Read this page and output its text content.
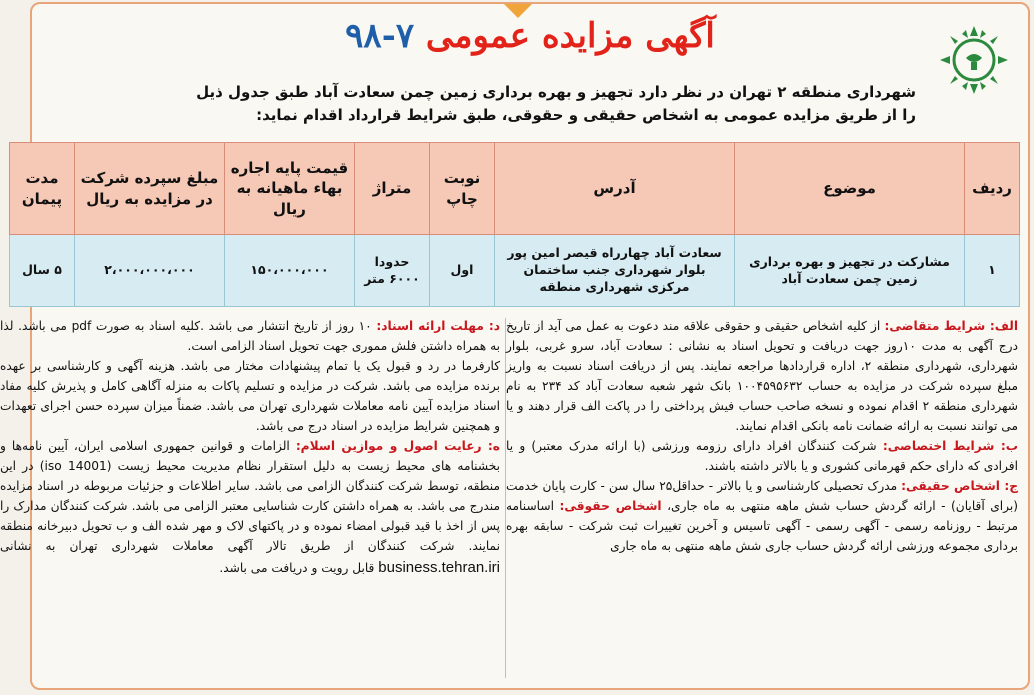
آگهی مزایده عمومی ۷-۹۸
شهرداری منطقه ۲ تهران در نظر دارد تجهیز و بهره برداری زمین چمن سعادت آباد طبق جدول ذیل
را از طریق مزایده عمومی به اشخاص حقیقی و حقوقی، طبق شرایط قرارداد اقدام نماید:
ردیف	موضوع	آدرس	نوبت چاپ	متراژ	قیمت پایه اجاره بهاء ماهیانه به ریال	مبلغ سپرده شرکت در مزایده به ریال	مدت پیمان
۱	مشارکت در تجهیز و بهره برداری زمین چمن سعادت آباد	سعادت آباد چهارراه قیصر امین پور بلوار شهرداری جنب ساختمان مرکزی شهرداری منطقه	اول	حدودا ۶۰۰۰ متر	۱۵۰،۰۰۰،۰۰۰	۲،۰۰۰،۰۰۰،۰۰۰	۵ سال

الف: شرایط متقاضی: از کلیه اشخاص حقیقی و حقوقی علاقه مند دعوت به عمل می آید از تاریخ درج آگهی به مدت ۱۰روز جهت دریافت و تحویل اسناد به نشانی : سعادت آباد، سرو غربی، بلوار شهرداری، شهرداری منطقه ۲، اداره قراردادها مراجعه نمایند. پس از دریافت اسناد نسبت به واریز مبلغ سپرده شرکت در مزایده به حساب ۱۰۰۴۵۹۵۶۳۲ بانک شهر شعبه سعادت آباد کد ۲۳۴ به نام شهرداری منطقه ۲ اقدام نموده و نسخه صاحب حساب فیش پرداختی را در پاکت الف قرار دهند و یا می توانند نسبت به ارائه ضمانت نامه بانکی اقدام نمایند.

ب: شرایط اختصاصی: شرکت کنندگان افراد دارای رزومه ورزشی (با ارائه مدرک معتبر) و یا افرادی که دارای حکم قهرمانی کشوری و یا بالاتر داشته باشند.

ج: اشخاص حقیقی: مدرک تحصیلی کارشناسی و یا بالاتر - حداقل۲۵ سال سن - کارت پایان خدمت (برای آقایان) - ارائه گردش حساب شش ماهه منتهی به ماه جاری، اشخاص حقوقی: اساسنامه مرتبط - روزنامه رسمی - آگهی رسمی - آگهی تاسیس و آخرین تغییرات ثبت شرکت - سابقه بهره برداری مجموعه ورزشی ارائه گردش حساب جاری شش ماهه منتهی به ماه جاری

د: مهلت ارائه اسناد: ۱۰ روز از تاریخ انتشار می باشد .کلیه اسناد به صورت pdf می باشد. لذا به همراه داشتن فلش مموری جهت تحویل اسناد الزامی است.

کارفرما در رد و قبول یک یا تمام پیشنهادات مختار می باشد. هزینه آگهی و کارشناسی بر عهده برنده مزایده می باشد. شرکت در مزایده و تسلیم پاکات به منزله آگاهی کامل و پذیرش کلیه مفاد اسناد مزایده آیین نامه معاملات شهرداری تهران می باشد. ضمناً میزان سپرده حسن اجرای تعهدات و همچنین شرایط مزایده در اسناد درج می باشد.

ه: رعایت اصول و موازین اسلام: الزامات و قوانین جمهوری اسلامی ایران، آیین نامه‌ها و بخشنامه های محیط زیست به دلیل استقرار نظام مدیریت محیط زیست (iso 14001) در این منطقه، توسط شرکت کنندگان الزامی می باشد. سایر اطلاعات و جزئیات مربوطه در اسناد مزایده مندرج می باشد. به همراه داشتن کارت شناسایی معتبر الزامی می باشد. شرکت کنندگان مدارک را پس از اخذ با قید قبولی امضاء نموده و در پاکتهای لاک و مهر شده الف و ب تحویل دبیرخانه منطقه نمایند. شرکت کنندگان از طریق تالار آگهی معاملات شهرداری تهران به نشانی business.tehran.iri قابل رویت و دریافت می باشد.
